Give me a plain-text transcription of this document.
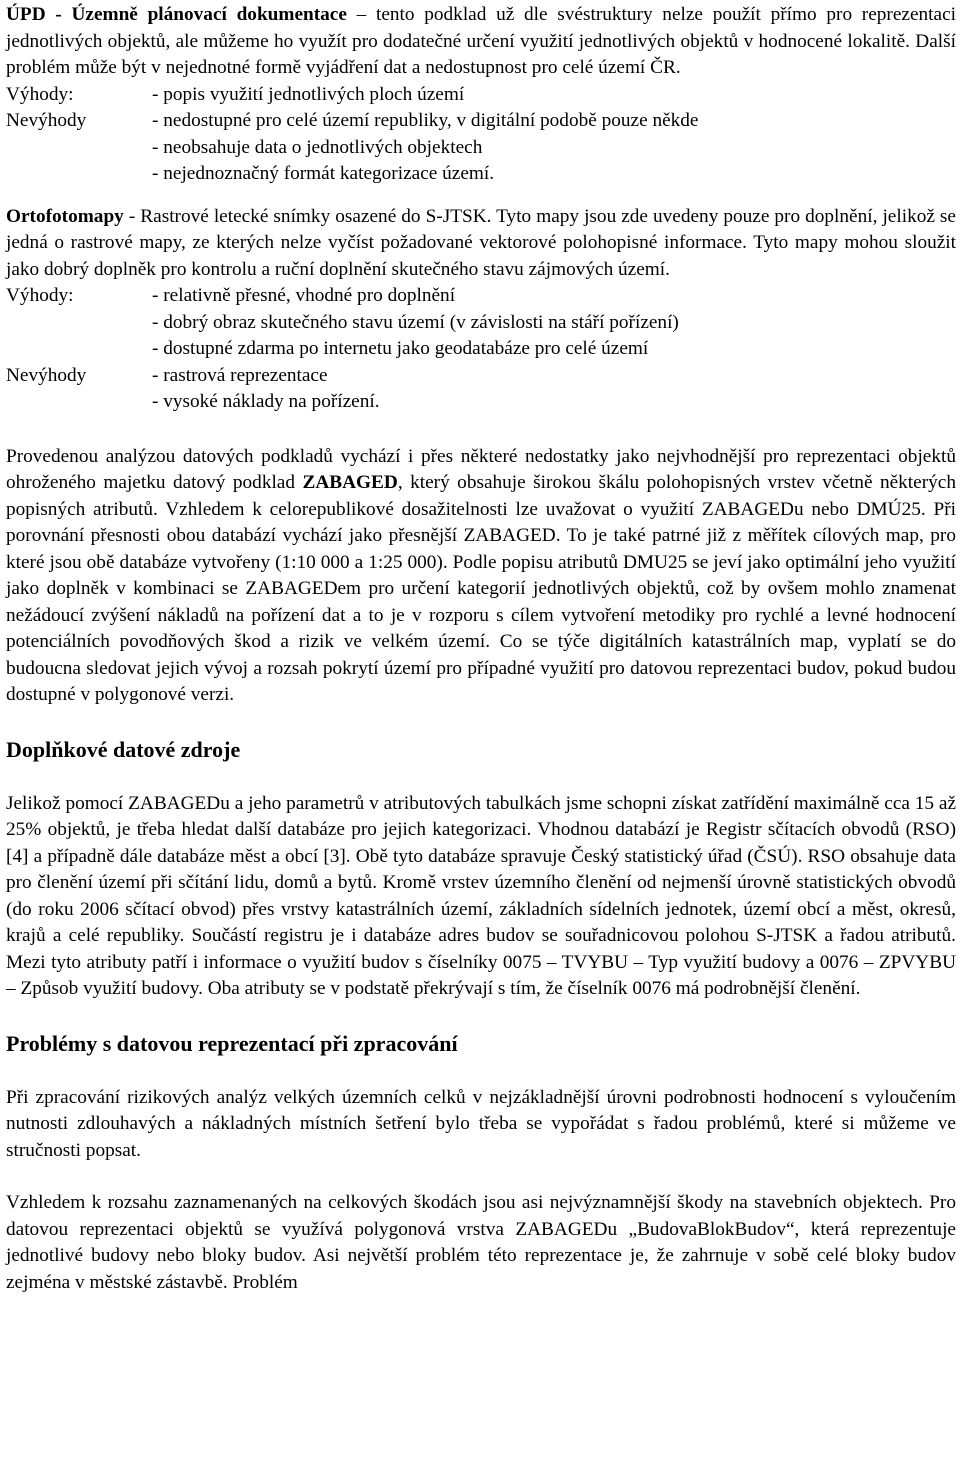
ÚPD - Územně plánovací dokumentace – tento podklad už dle svéstruktury nelze použít přímo pro reprezentaci jednotlivých objektů, ale můžeme ho využít pro dodatečné určení využití jednotlivých objektů v hodnocené lokalitě. Další problém může být v nejednotné formě vyjádření dat a nedostupnost pro celé území ČR.

Výhody:	- popis využití jednotlivých ploch území
Nevýhody	- nedostupné pro celé území republiky, v digitální podobě pouze někde
- neobsahuje data o jednotlivých objektech
- nejednoznačný formát kategorizace území.

Ortofotomapy - Rastrové letecké snímky osazené do S-JTSK. Tyto mapy jsou zde uvedeny pouze pro doplnění, jelikož se jedná o rastrové mapy, ze kterých nelze vyčíst požadované vektorové polohopisné informace. Tyto mapy mohou sloužit jako dobrý doplněk pro kontrolu a ruční doplnění skutečného stavu zájmových území.

Výhody:	- relativně přesné, vhodné pro doplnění
- dobrý obraz skutečného stavu území (v závislosti na stáří pořízení)
- dostupné zdarma po internetu jako geodatabáze pro celé území
Nevýhody	- rastrová reprezentace
- vysoké náklady na pořízení.

Provedenou analýzou datových podkladů vychází i přes některé nedostatky jako nejvhodnější pro reprezentaci objektů ohroženého majetku datový podklad ZABAGED, který obsahuje širokou škálu polohopisných vrstev včetně některých popisných atributů. Vzhledem k celorepublikové dosažitelnosti lze uvažovat o využití ZABAGEDu nebo DMÚ25. Při porovnání přesnosti obou databází vychází jako přesnější ZABAGED. To je také patrné již z měřítek cílových map, pro které jsou obě databáze vytvořeny (1:10 000 a 1:25 000). Podle popisu atributů DMU25 se jeví jako optimální jeho využití jako doplněk v kombinaci se ZABAGEDem pro určení kategorií jednotlivých objektů, což by ovšem mohlo znamenat nežádoucí zvýšení nákladů na pořízení dat a to je v rozporu s cílem vytvoření metodiky pro rychlé a levné hodnocení potenciálních povodňových škod a rizik ve velkém území. Co se týče digitálních katastrálních map, vyplatí se do budoucna sledovat jejich vývoj a rozsah pokrytí území pro případné využití pro datovou reprezentaci budov, pokud budou dostupné v polygonové verzi.

Doplňkové datové zdroje

Jelikož pomocí ZABAGEDu a jeho parametrů v atributových tabulkách jsme schopni získat zatřídění maximálně cca 15 až 25% objektů, je třeba hledat další databáze pro jejich kategorizaci. Vhodnou databází je Registr sčítacích obvodů (RSO) [4] a případně dále databáze měst a obcí [3]. Obě tyto databáze spravuje Český statistický úřad (ČSÚ). RSO obsahuje data pro členění území při sčítání lidu, domů a bytů. Kromě vrstev územního členění od nejmenší úrovně statistických obvodů (do roku 2006 sčítací obvod) přes vrstvy katastrálních území, základních sídelních jednotek, území obcí a měst, okresů, krajů a celé republiky. Součástí registru je i databáze adres budov se souřadnicovou polohou S-JTSK a řadou atributů. Mezi tyto atributy patří i informace o využití budov s číselníky 0075 – TVYBU – Typ využití budovy a 0076 – ZPVYBU – Způsob využití budovy. Oba atributy se v podstatě překrývají s tím, že číselník 0076 má podrobnější členění.

Problémy s datovou reprezentací při zpracování

Při zpracování rizikových analýz velkých územních celků v nejzákladnější úrovni podrobnosti hodnocení s vyloučením nutnosti zdlouhavých a nákladných místních šetření bylo třeba se vypořádat s řadou problémů, které si můžeme ve stručnosti popsat.

Vzhledem k rozsahu zaznamenaných na celkových škodách jsou asi nejvýznamnější škody na stavebních objektech. Pro datovou reprezentaci objektů se využívá polygonová vrstva ZABAGEDu „BudovaBlokBudov“, která reprezentuje jednotlivé budovy nebo bloky budov. Asi největší problém této reprezentace je, že zahrnuje v sobě celé bloky budov zejména v městské zástavbě. Problém
